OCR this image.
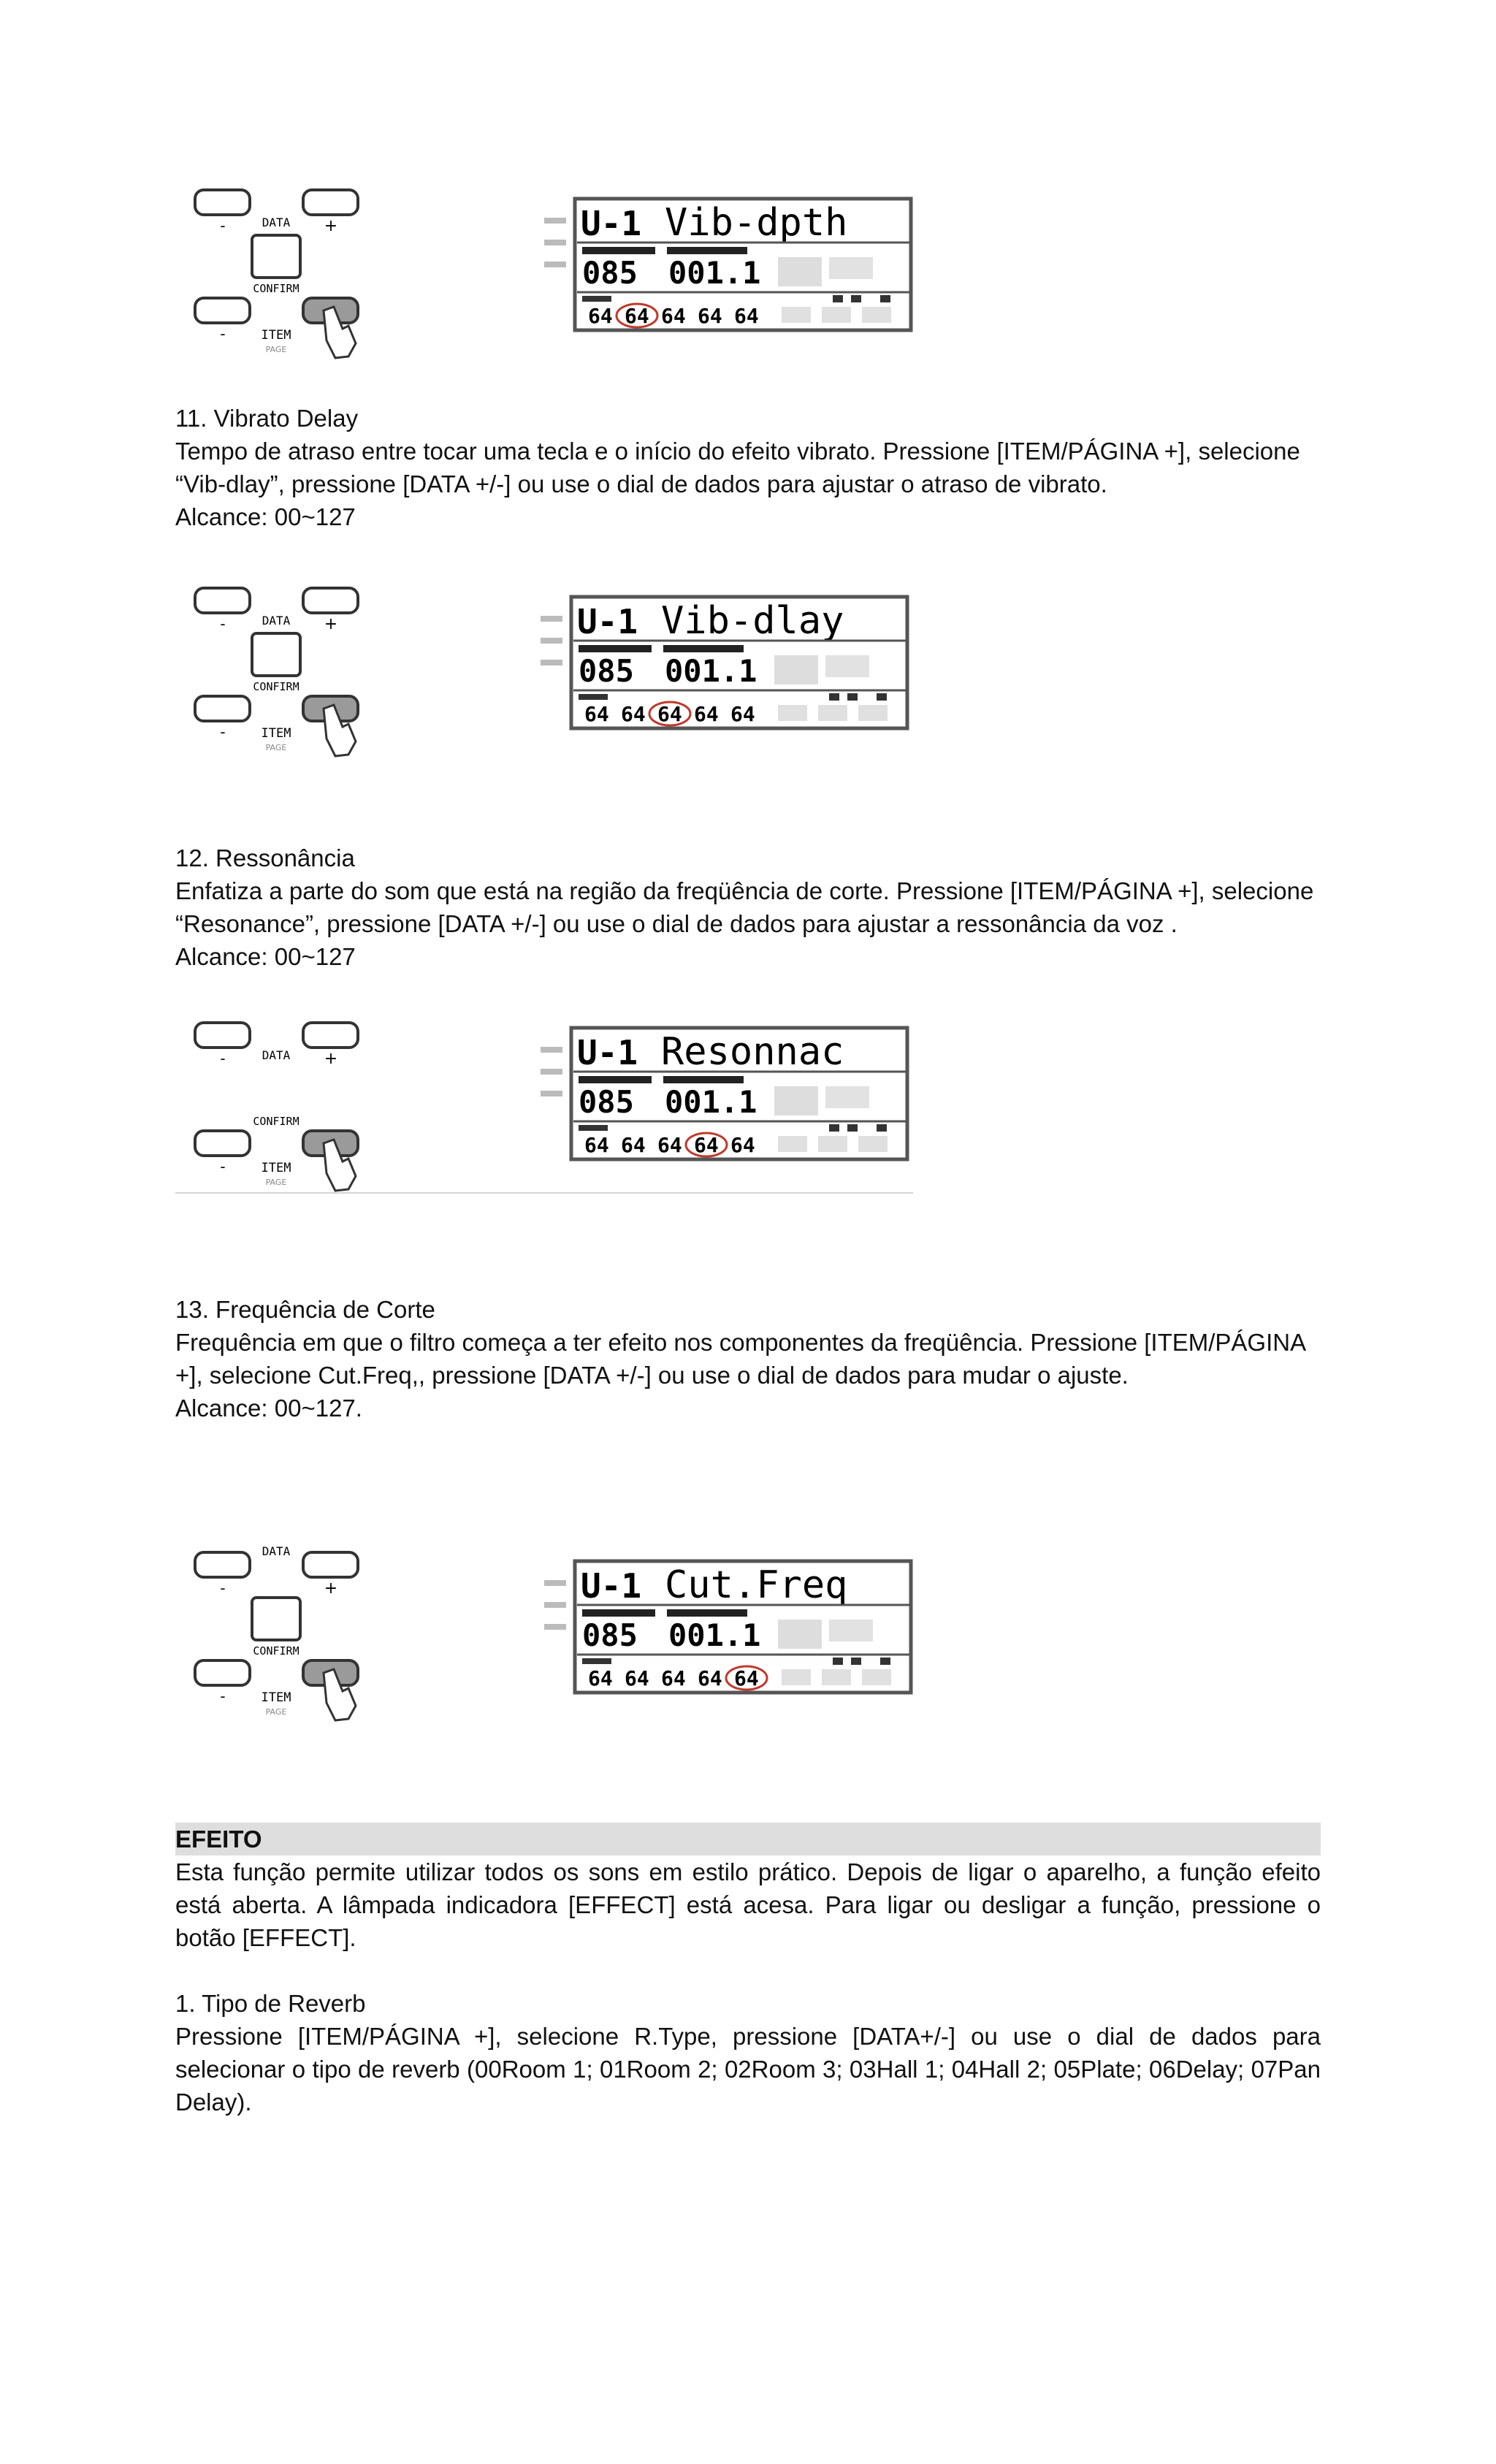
-	DATA +
CONFIRM
-	ITEM
PAGE
U-1 Vib-dpth
085 001.1
64 64 64 64 64

11. Vibrato Delay

Tempo de atraso entre tocar uma tecla e o início do efeito vibrato. Pressione [ITEM/PÁGINA +], selecione

“Vib-dlay”, pressione [DATA +/-] ou use o dial de dados para ajustar o atraso de vibrato.

Alcance: 00~127

-	DATA +
CONFIRM
-	ITEM
PAGE
U-1 Vib-dlay
085 001.1
64 64 64 64 64

12. Ressonância

Enfatiza a parte do som que está na região da freqüência de corte. Pressione [ITEM/PÁGINA +], selecione

“Resonance”, pressione [DATA +/-] ou use o dial de dados para ajustar a ressonância da voz .

Alcance: 00~127

-	DATA +
CONFIRM
-	ITEM
PAGE
U-1 Resonnac
085 001.1
64 64 64 64 64

13. Frequência de Corte

Frequência em que o filtro começa a ter efeito nos componentes da freqüência. Pressione [ITEM/PÁGINA

+], selecione Cut.Freq,, pressione [DATA +/-] ou use o dial de dados para mudar o ajuste.

Alcance: 00~127.

-
DATA
+
CONFIRM
-	ITEM
PAGE
U-1 Cut.Freq
085 001.1
64 64 64 64 64

EFEITO

Esta função permite utilizar todos os sons em estilo prático. Depois de ligar o aparelho, a função efeito está aberta. A lâmpada indicadora [EFFECT] está acesa. Para ligar ou desligar a função, pressione o botão [EFFECT].

1. Tipo de Reverb

Pressione [ITEM/PÁGINA +], selecione R.Type, pressione [DATA+/-] ou use o dial de dados para selecionar o tipo de reverb (00Room 1; 01Room 2; 02Room 3; 03Hall 1; 04Hall 2; 05Plate; 06Delay; 07Pan Delay).
